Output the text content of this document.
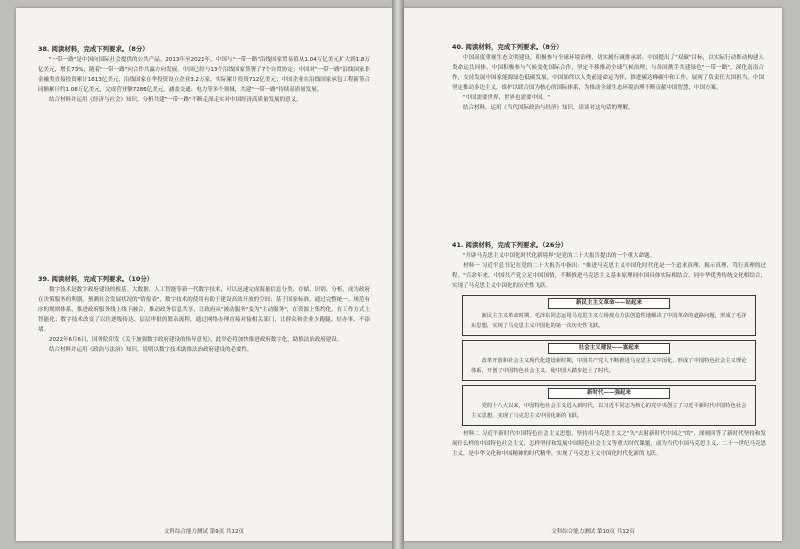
38. 阅读材料，完成下列要求。（8分）

"一带一路"是中国向国际社会提供的公共产品。2013年至2021年，中国与"一带一路"沿线国家贸易值从1.04万亿美元扩大到1.8万亿美元，增长73%；随着"一带一路"向合作共赢方向发展，中国已经与13个沿线国家签署了7个自贸协定；中国对"一带一路"沿线国家非金融类直接投资累计1613亿美元，沿线国家在华投资设立企业3.2万家，实际累计投资712亿美元；中国企业在沿线国家承包工程新签合同额累计约1.08万亿美元，完成营业额7286亿美元，涵盖交通、电力等多个领域，共建"一带一路"持续高质量发展。

结合材料并运用《经济与社会》知识，分析共建"一带一路"不断走深走实对中国经济高质量发展的意义。

39. 阅读材料，完成下列要求。（10分）

数字技术是数字政府建设的根基。大数据、人工智能等新一代数字技术，可以迅速完成海量信息分类、存储、识别、分析，成为政府在决策服务的利器。预测社会发展状况的"情报表"，数字技术的使用有助于建设高效开放的空间；基于国家标准，通过完整统一、规范有序的规则体系，推进政府服务线上线下融合，推动政务信息共享，让政府从"被动服务"变为"主动服务"，在资源上集约化，在工作方式上智能化；数字技术改变了以往逐级传达、层层审批的繁杂流程，通过网络办理直接对接相关部门，让群众和企业少跑腿、好办事、不添堵。

2022年6月6日，国务院印发《关于加强数字政府建设的指导意见》，此举必将加快推进政府数字化，助推法治政府建设。

结合材料并运用《政治与法治》知识，说明以数字技术助推法治政府建设的必要性。

文科综合能力测试 第9页 共12页
40. 阅读材料，完成下列要求。（8分）

中国高度重视生态文明建设，积极参与全球环境治理，切实履行减排承诺。中国提出了"双碳"目标，以实际行动推动构建人类命运共同体。中国积极参与气候变化国际合作，坚定不移推动全球气候治理；与各国携手共建绿色"一带一路"，深化南南合作，支持发展中国家能源绿色低碳发展。中国始终以人类前途命运为怀，推进碳达峰碳中和工作，展现了负责任大国担当。中国坚定推动多边主义，维护以联合国为核心的国际体系，为推动全球生态环境治理不断贡献中国智慧、中国方案。

"中国需要世界，世界也需要中国。"

结合材料，运用《当代国际政治与经济》知识，谈谈对这句话的理解。

41. 阅读材料，完成下列要求。（26分）

"开辟马克思主义中国化时代化新境界"是党的二十大报告提出的一个重大命题。

材料一 习近平总书记在党的二十大报告中指出："推进马克思主义中国化时代化是一个追求真理、揭示真理、笃行真理的过程。"百余年来，中国共产党立足中国国情，不断推进马克思主义基本原理同中国具体实际相结合、同中华优秀传统文化相结合，实现了马克思主义中国化的历史性飞跃。

新民主主义革命——站起来

新民主主义革命时期，毛泽东同志运用马克思主义立场观点方法创造性地解决了中国革命的道路问题，形成了毛泽东思想，实现了马克思主义中国化的第一次历史性飞跃。

社会主义建设——富起来

改革开放和社会主义现代化建设新时期，中国共产党人不断推进马克思主义中国化，形成了中国特色社会主义理论体系，开创了中国特色社会主义，使中国大踏步赶上了时代。

新时代——强起来

党的十八大以来，中国特色社会主义进入新时代，以习近平同志为核心的党中央创立了习近平新时代中国特色社会主义思想，实现了马克思主义中国化新的飞跃。

材料二 习近平新时代中国特色社会主义思想，坚持用马克思主义之"矢"去射新时代中国之"的"，深刻回答了新时代坚持和发展什么样的中国特色社会主义、怎样坚持和发展中国特色社会主义等重大时代课题，成为当代中国马克思主义、二十一世纪马克思主义，是中华文化和中国精神的时代精华，实现了马克思主义中国化时代化新的飞跃。

文科综合能力测试 第10页 共12页
